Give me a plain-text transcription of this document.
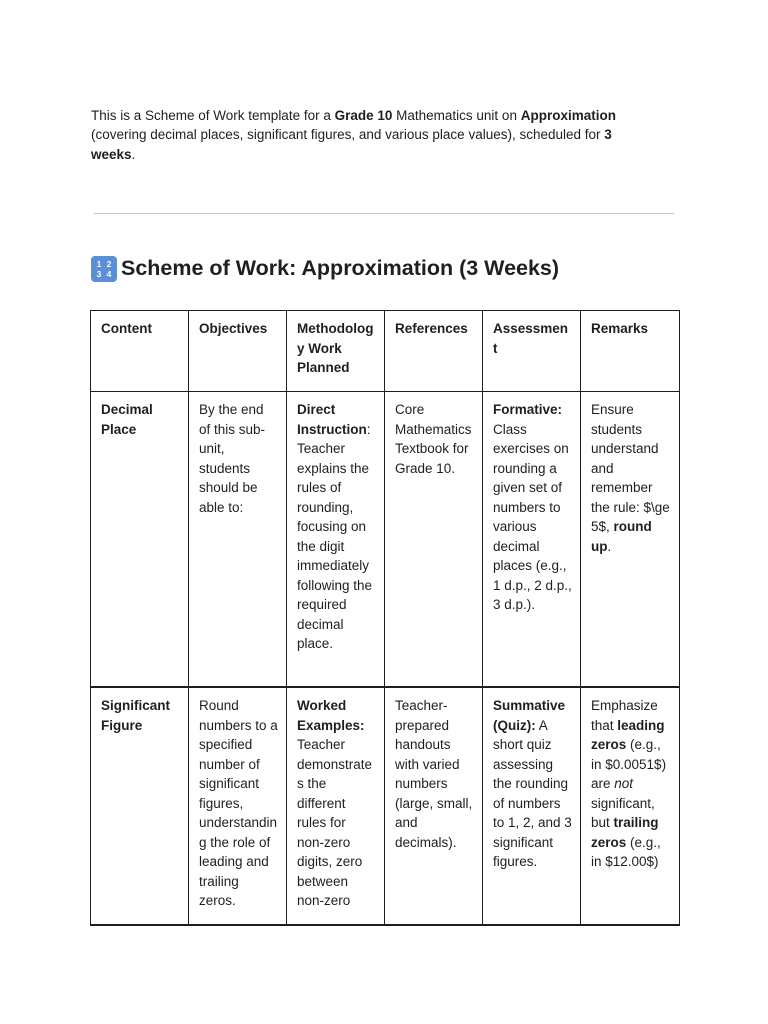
This is a Scheme of Work template for a Grade 10 Mathematics unit on Approximation (covering decimal places, significant figures, and various place values), scheduled for 3 weeks.

1 2
3 4 Scheme of Work: Approximation (3 Weeks)
Content	Objectives	Methodology Work Planned	References	Assessment	Remarks
Decimal Place	By the end of this sub-unit, students should be able to:	Direct Instruction: Teacher explains the rules of rounding, focusing on the digit immediately following the required decimal place.	Core Mathematics Textbook for Grade 10.	Formative: Class exercises on rounding a given set of numbers to various decimal places (e.g., 1 d.p., 2 d.p., 3 d.p.).	Ensure students understand and remember the rule: $\ge 5$, round up.
Significant Figure	Round numbers to a specified number of significant figures, understanding the role of leading and trailing zeros.	Worked Examples: Teacher demonstrates the different rules for non-zero digits, zero between non-zero	Teacher-prepared handouts with varied numbers (large, small, and decimals).	Summative (Quiz): A short quiz assessing the rounding of numbers to 1, 2, and 3 significant figures.	Emphasize that leading zeros (e.g., in $0.0051$) are not significant, but trailing zeros (e.g., in $12.00$)
